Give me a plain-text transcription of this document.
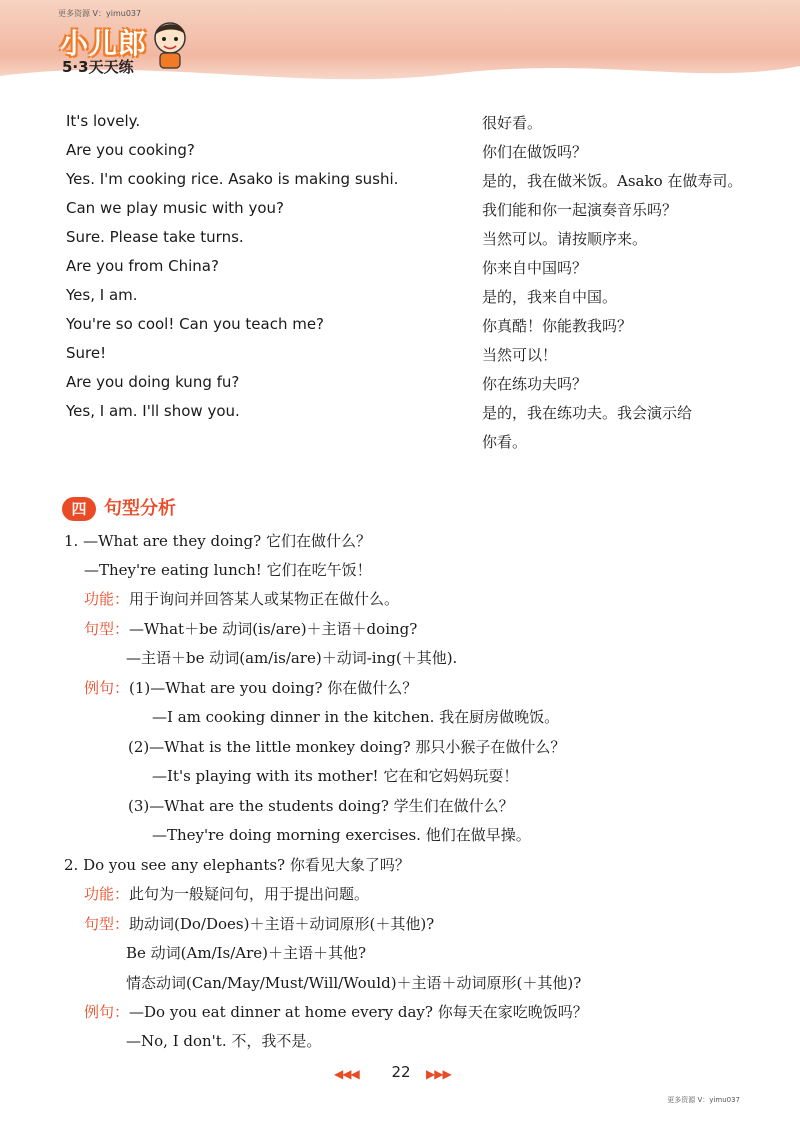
更多资源 V：yimu037
小儿郎
5·3天天练
It's lovely.	很好看。
Are you cooking?	你们在做饭吗？
Yes. I'm cooking rice. Asako is making sushi.	是的，我在做米饭。Asako 在做寿司。
Can we play music with you?	我们能和你一起演奏音乐吗？
Sure. Please take turns.	当然可以。请按顺序来。
Are you from China?	你来自中国吗？
Yes, I am.	是的，我来自中国。
You're so cool! Can you teach me?	你真酷！你能教我吗？
Sure!	当然可以！
Are you doing kung fu?	你在练功夫吗？
Yes, I am. I'll show you.	是的，我在练功夫。我会演示给
你看。
四 句型分析
1. —What are they doing? 它们在做什么？
—They're eating lunch! 它们在吃午饭！
功能：用于询问并回答某人或某物正在做什么。
句型：—What＋be 动词(is/are)＋主语＋doing?
—主语＋be 动词(am/is/are)＋动词-ing(＋其他).
例句：(1)—What are you doing? 你在做什么？
—I am cooking dinner in the kitchen. 我在厨房做晚饭。
(2)—What is the little monkey doing? 那只小猴子在做什么？
—It's playing with its mother! 它在和它妈妈玩耍！
(3)—What are the students doing? 学生们在做什么？
—They're doing morning exercises. 他们在做早操。
2. Do you see any elephants? 你看见大象了吗？
功能：此句为一般疑问句，用于提出问题。
句型：助动词(Do/Does)＋主语＋动词原形(＋其他)?
Be 动词(Am/Is/Are)＋主语＋其他?
情态动词(Can/May/Must/Will/Would)＋主语＋动词原形(＋其他)?
例句：—Do you eat dinner at home every day? 你每天在家吃晚饭吗？
—No, I don't. 不，我不是。
◀◀◀	22	▶▶▶
更多资源 V：yimu037
